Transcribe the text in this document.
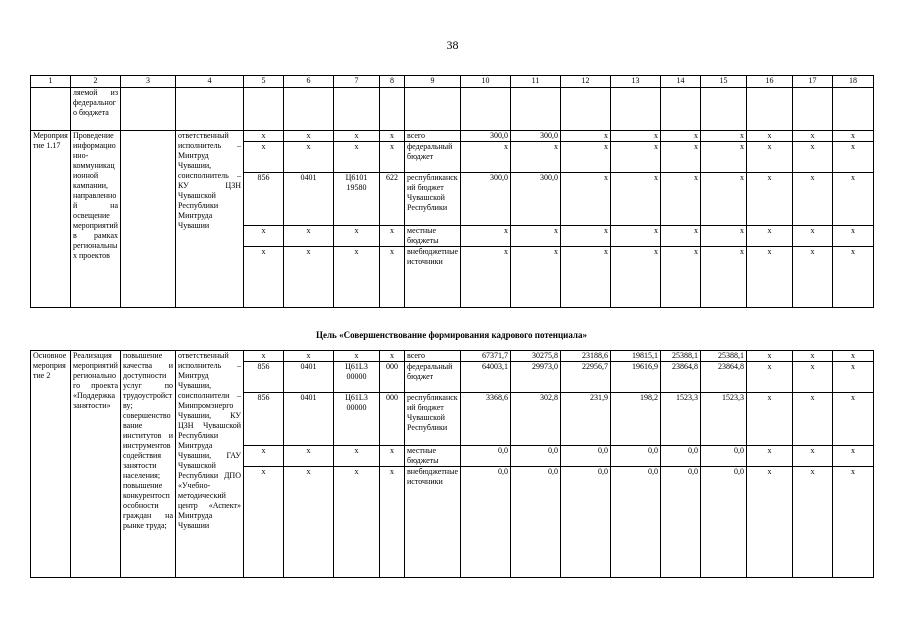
38
1	2	3	4	5	6	7	8	9	10	11	12	13	14	15	16	17	18
	ляемой из федерального бюджета																
Мероприятие 1.17	Проведение информационно-коммуникационной кампании, направленной на освещение мероприятий в рамках региональных проектов		ответственный исполнитель – Минтруд Чувашии, соисполнитель – КУ ЦЗН Чувашской Республики Минтруда Чувашии	x	x	x	x	всего	300,0	300,0	x	x	x	x	x	x	x
				x	x	x	x	федеральный бюджет	x	x	x	x	x	x	x	x	x
				856	0401	Ц6101 19580	622	республиканский бюджет Чувашской Республики	300,0	300,0	x	x	x	x	x	x	x
				x	x	x	x	местные бюджеты	x	x	x	x	x	x	x	x	x
				x	x	x	x	внебюджетные источники	x	x	x	x	x	x	x	x	x
Цель «Совершенствование формирования кадрового потенциала»
Основное мероприятие 2	Реализация мероприятий регионального проекта «Поддержка занятости»	повышение качества и доступности услуг по трудоустройству; совершенствование институтов и инструментов содействия занятости населения; повышение конкурентоспособности граждан на рынке труда;	ответственный исполнитель – Минтруд Чувашии, соисполнители – Минпромэнерго Чувашии, КУ ЦЗН Чувашской Республики Минтруда Чувашии, ГАУ Чувашской Республики ДПО «Учебно-методический центр «Аспект» Минтруда Чувашии	x	x	x	x	всего	67371,7	30275,8	23188,6	19815,1	25388,1	25388,1	x	x	x
				856	0401	Ц61L3 00000	000	федеральный бюджет	64003,1	29973,0	22956,7	19616,9	23864,8	23864,8	x	x	x
				856	0401	Ц61L3 00000	000	республиканский бюджет Чувашской Республики	3368,6	302,8	231,9	198,2	1523,3	1523,3	x	x	x
				x	x	x	x	местные бюджеты	0,0	0,0	0,0	0,0	0,0	0,0	x	x	x
				x	x	x	x	внебюджетные источники	0,0	0,0	0,0	0,0	0,0	0,0	x	x	x
